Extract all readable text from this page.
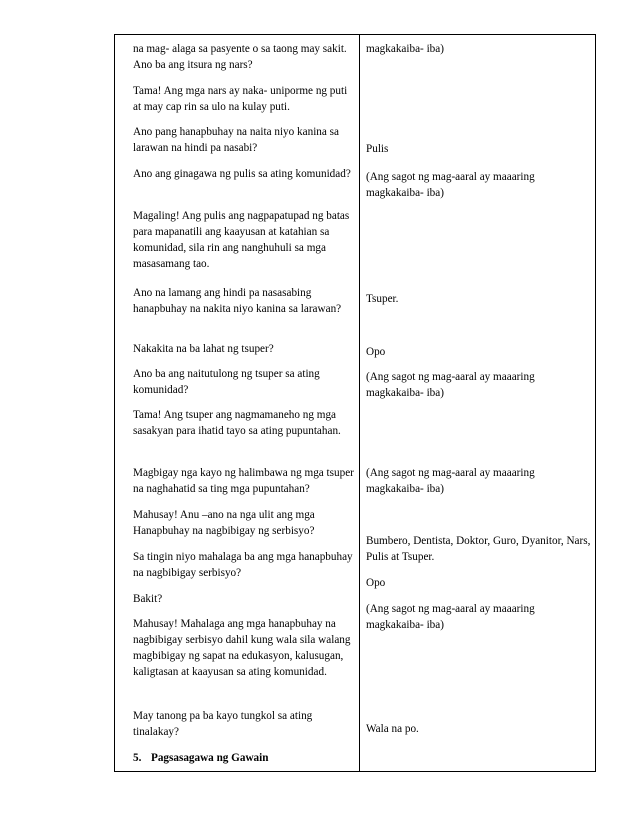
na mag- alaga sa pasyente o sa taong may sakit. Ano ba ang itsura ng nars?

Tama! Ang mga nars ay naka- uniporme ng puti at may cap rin sa ulo na kulay puti.

Ano pang hanapbuhay na naita niyo kanina sa larawan na hindi pa nasabi?

Ano ang ginagawa ng pulis sa ating komunidad?

Magaling! Ang pulis ang nagpapatupad ng batas para mapanatili ang kaayusan at katahian sa komunidad, sila rin ang nanghuhuli sa mga masasamang tao.

Ano na lamang ang hindi pa nasasabing hanapbuhay na nakita niyo kanina sa larawan?

Nakakita na ba lahat ng tsuper?

Ano ba ang naitutulong ng tsuper sa ating komunidad?

Tama! Ang tsuper ang nagmamaneho ng mga sasakyan para ihatid tayo sa ating pupuntahan.

Magbigay nga kayo ng halimbawa ng mga tsuper na naghahatid sa ting mga pupuntahan?

Mahusay! Anu –ano na nga ulit ang mga Hanapbuhay na nagbibigay ng serbisyo?

Sa tingin niyo mahalaga ba ang mga hanapbuhay na nagbibigay serbisyo?

Bakit?

Mahusay! Mahalaga ang mga hanapbuhay na nagbibigay serbisyo dahil kung wala sila walang magbibigay ng sapat na edukasyon, kalusugan, kaligtasan at kaayusan sa ating komunidad.

May tanong pa ba kayo tungkol sa ating tinalakay?

5. Pagsasagawa ng Gawain

magkakaiba- iba)

Pulis

(Ang sagot ng mag-aaral ay maaaring magkakaiba- iba)

Tsuper.

Opo

(Ang sagot ng mag-aaral ay maaaring magkakaiba- iba)

(Ang sagot ng mag-aaral ay maaaring magkakaiba- iba)

Bumbero, Dentista, Doktor, Guro, Dyanitor, Nars, Pulis at Tsuper.

Opo

(Ang sagot ng mag-aaral ay maaaring magkakaiba- iba)

Wala na po.
